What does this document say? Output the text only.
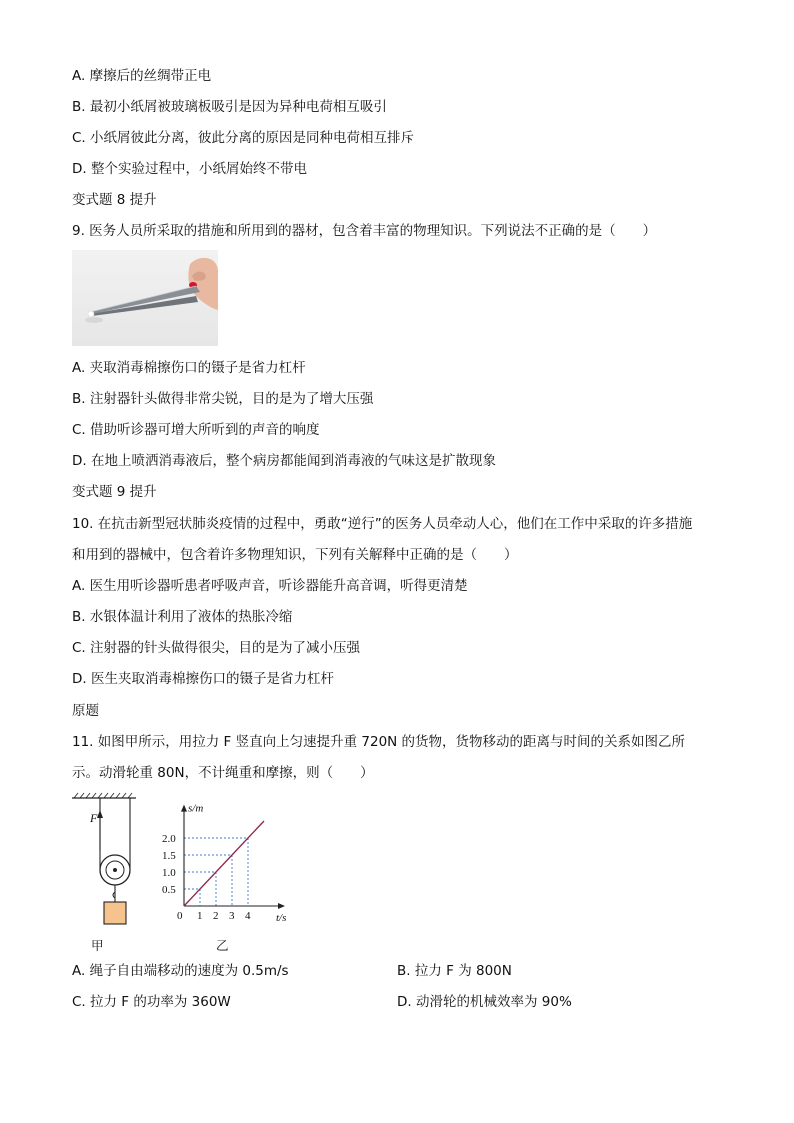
A. 摩擦后的丝绸带正电
B. 最初小纸屑被玻璃板吸引是因为异种电荷相互吸引
C. 小纸屑彼此分离，彼此分离的原因是同种电荷相互排斥
D. 整个实验过程中，小纸屑始终不带电
变式题 8 提升
9. 医务人员所采取的措施和所用到的器材，包含着丰富的物理知识。下列说法不正确的是（　　）
A. 夹取消毒棉擦伤口的镊子是省力杠杆
B. 注射器针头做得非常尖锐，目的是为了增大压强
C. 借助听诊器可增大所听到的声音的响度
D. 在地上喷洒消毒液后，整个病房都能闻到消毒液的气味这是扩散现象
变式题 9 提升
10. 在抗击新型冠状肺炎疫情的过程中，勇敢“逆行”的医务人员牵动人心，他们在工作中采取的许多措施
和用到的器械中，包含着许多物理知识，下列有关解释中正确的是（　　）
A. 医生用听诊器听患者呼吸声音，听诊器能升高音调，听得更清楚
B. 水银体温计利用了液体的热胀冷缩
C. 注射器的针头做得很尖，目的是为了减小压强
D. 医生夹取消毒棉擦伤口的镊子是省力杠杆
原题
11. 如图甲所示，用拉力 F 竖直向上匀速提升重 720N 的货物，货物移动的距离与时间的关系如图乙所
示。动滑轮重 80N，不计绳重和摩擦，则（　　）
F
甲
0 1 2 3 4
0.5
1.0
1.5
2.0
s/m
t/s
乙
A. 绳子自由端移动的速度为 0.5m/s	B. 拉力 F 为 800N
C. 拉力 F 的功率为 360W	D. 动滑轮的机械效率为 90%
